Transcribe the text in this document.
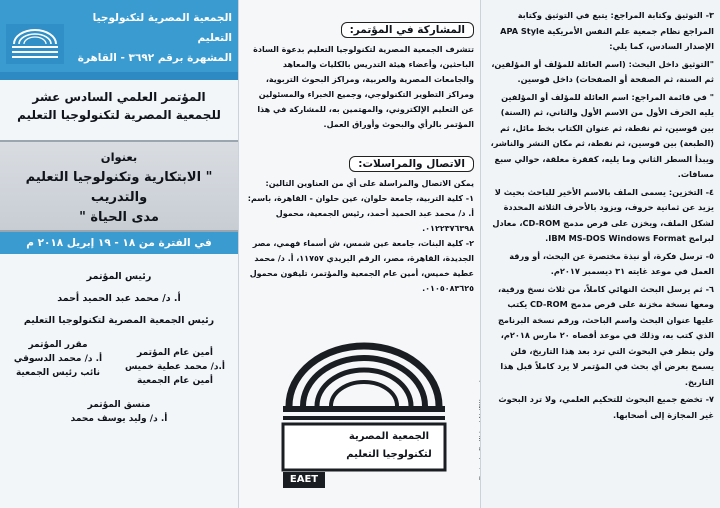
الجمعية المصرية لتكنولوجيا التعليم
المشهرة برقم ٣٦٩٢ - القاهرة
المؤتمر العلمي السادس عشر
للجمعية المصرية لتكنولوجيا التعليم
بعنوان
" الابتكارية وتكنولوجيا التعليم والتدريب
مدى الحياة "
في الفترة من ١٨ - ١٩ إبريل ٢٠١٨ م
رئيس المؤتمر
أ. د/ محمد عبد الحميد أحمد
رئيس الجمعية المصرية لتكنولوجيا التعليم
أمين عام المؤتمر
أ.د/ محمد عطية خميس
أمين عام الجمعية
مقرر المؤتمر
أ. د/ محمد الدسوقي
نائب رئيس الجمعية
منسق المؤتمر
أ. د/ وليد يوسف محمد
المشاركة في المؤتمر:

تتشرف الجمعية المصرية لتكنولوجيا التعليم بدعوة السادة الباحثين، وأعضاء هيئة التدريس بالكليات والمعاهد والجامعات المصرية والعربية، ومراكز البحوث التربوية، ومراكز التطوير التكنولوجي، وجميع الخبراء والمسئولين عن التعليم الإلكتروني، والمهتمين به، للمشاركة في هذا المؤتمر بالرأي والبحوث وأوراق العمل.

الاتصال والمراسلات:

يمكن الاتصال والمراسلة على أي من العناوين التالين:

١- كلية التربية، جامعة حلوان، عين حلوان - القاهرة، باسم: أ. د/ محمد عبد الحميد أحمد، رئيس الجمعية، محمول ٠١٢٢٣٧٦٣٩٨.

٢- كلية البنات، جامعة عين شمس، ش أسماء فهمي، مصر الجديدة، القاهرة، مصر، الرقم البريدي ١١٧٥٧، أ. د/ محمد عطية خميس، أمين عام الجمعية والمؤتمر، تليفون محمول ٠١٠٥٠٨٣٦٢٥.

الجمعية المصرية
لتكنولوجيا التعليم
EAET

٣- التوثيق وكتابة المراجع: يتبع في التوثيق وكتابة المراجع نظام جمعية علم النفس الأمريكية APA Style الإصدار السادس، كما يلي:

"التوثيق داخل البحث: (اسم العائلة للمؤلف أو المؤلفين، ثم السنة، ثم الصفحة أو الصفحات) داخل قوسين.

" في قائمة المراجع: اسم العائلة للمؤلف أو المؤلفين يليه الحرف الأول من الاسم الأول والثاني، ثم (السنة) بين قوسين، ثم نقطة، ثم عنوان الكتاب بخط مائل، ثم (الطبعة) بين قوسين، ثم نقطة، ثم مكان النشر والناشر، ويبدأ السطر الثاني وما يليه، كفقرة معلقة، حوالي سبع مسافات.

٤- التخزين: يسمى الملف بالاسم الأخير للباحث بحيث لا يزيد عن ثمانية حروف، ويزود بالأحرف الثلاثة المحددة لشكل الملف، ويخزن على قرص مدمج CD-ROM، معادل لبرامج IBM MS-DOS Windows Format.

٥- ترسل فكرة، أو نبذة مختصرة عن البحث، أو ورقة العمل في موعد غايته ٣١ ديسمبر ٢٠١٧م.

٦- ثم يرسل البحث النهائي كاملاً، من ثلاث نسخ ورقية، ومعها نسخة مخزنة على قرص مدمج CD-ROM يكتب عليها عنوان البحث واسم الباحث، ورقم نسخة البرنامج الذي كتب به، وذلك في موعد أقصاه ٢٠ مارس ٢٠١٨م، ولن ينظر في البحوث التي ترد بعد هذا التاريخ، فلن يسمح بعرض أي بحث في المؤتمر لا يرد كاملاً قبل هذا التاريخ.

٧- تخضع جميع البحوث للتحكيم العلمي، ولا ترد البحوث غير المجازة إلى أصحابها.
